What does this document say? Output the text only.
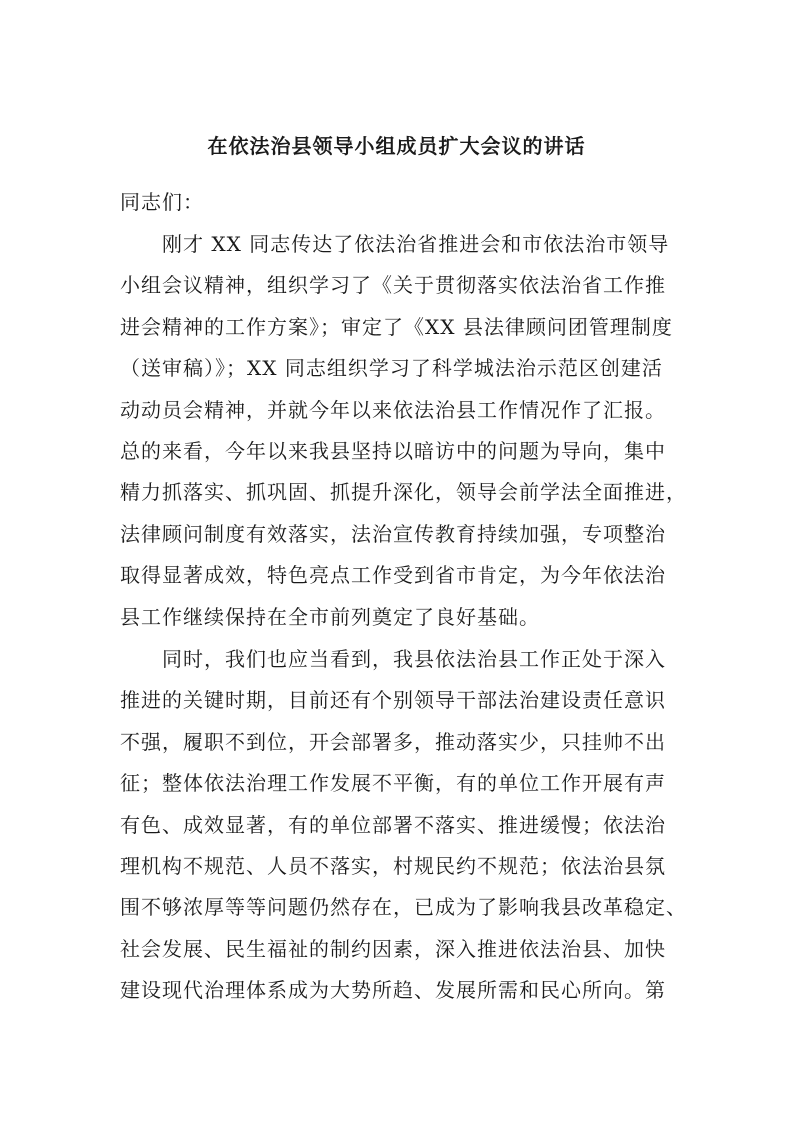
在依法治县领导小组成员扩大会议的讲话
同志们：
　　刚才 XX 同志传达了依法治省推进会和市依法治市领导
小组会议精神，组织学习了《关于贯彻落实依法治省工作推
进会精神的工作方案》；审定了《XX 县法律顾问团管理制度
（送审稿）》；XX 同志组织学习了科学城法治示范区创建活
动动员会精神，并就今年以来依法治县工作情况作了汇报。
总的来看，今年以来我县坚持以暗访中的问题为导向，集中
精力抓落实、抓巩固、抓提升深化，领导会前学法全面推进，
法律顾问制度有效落实，法治宣传教育持续加强，专项整治
取得显著成效，特色亮点工作受到省市肯定，为今年依法治
县工作继续保持在全市前列奠定了良好基础。
　　同时，我们也应当看到，我县依法治县工作正处于深入
推进的关键时期，目前还有个别领导干部法治建设责任意识
不强，履职不到位，开会部署多，推动落实少，只挂帅不出
征；整体依法治理工作发展不平衡，有的单位工作开展有声
有色、成效显著，有的单位部署不落实、推进缓慢；依法治
理机构不规范、人员不落实，村规民约不规范；依法治县氛
围不够浓厚等等问题仍然存在，已成为了影响我县改革稳定、
社会发展、民生福祉的制约因素，深入推进依法治县、加快
建设现代治理体系成为大势所趋、发展所需和民心所向。第
